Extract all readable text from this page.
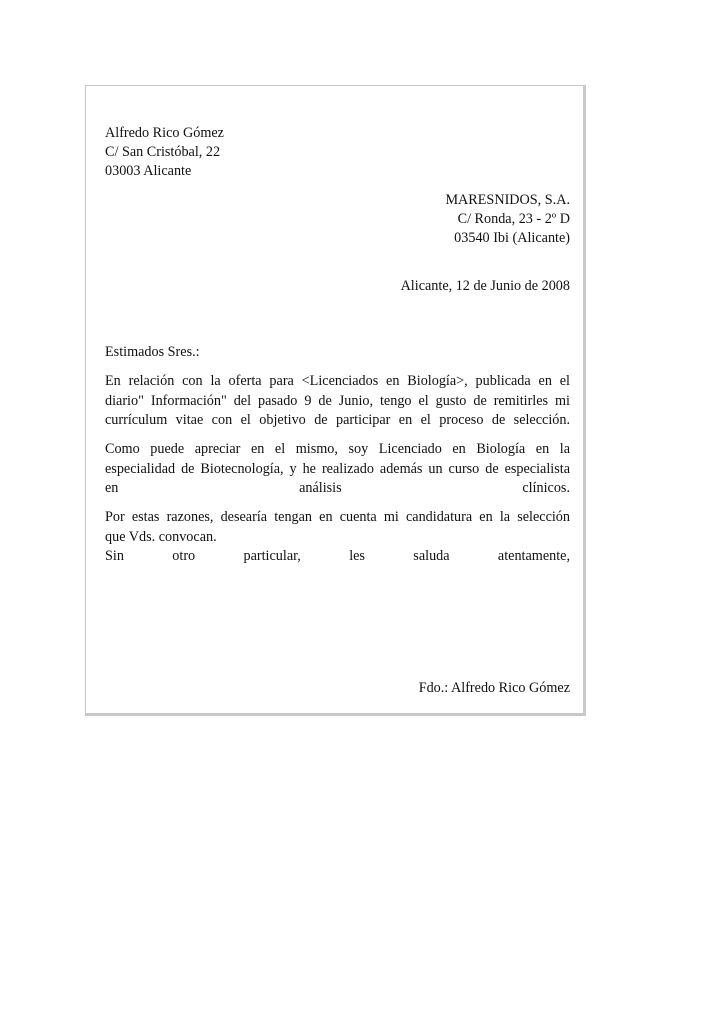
Alfredo Rico Gómez
C/ San Cristóbal, 22
03003 Alicante
MARESNIDOS, S.A.
C/ Ronda, 23 - 2º D
03540 Ibi (Alicante)
Alicante, 12 de Junio de 2008
Estimados Sres.:
En relación con la oferta para <Licenciados en Biología>, publicada en el
diario" Información" del pasado 9 de Junio, tengo el gusto de remitirles mi
currículum vitae con el objetivo de participar en el proceso de selección.
Como puede apreciar en el mismo, soy Licenciado en Biología en la
especialidad de Biotecnología, y he realizado además un curso de especialista
en análisis clínicos.
Por estas razones, desearía tengan en cuenta mi candidatura en la selección
que Vds. convocan.
Sin otro particular, les saluda atentamente,
Fdo.: Alfredo Rico Gómez
